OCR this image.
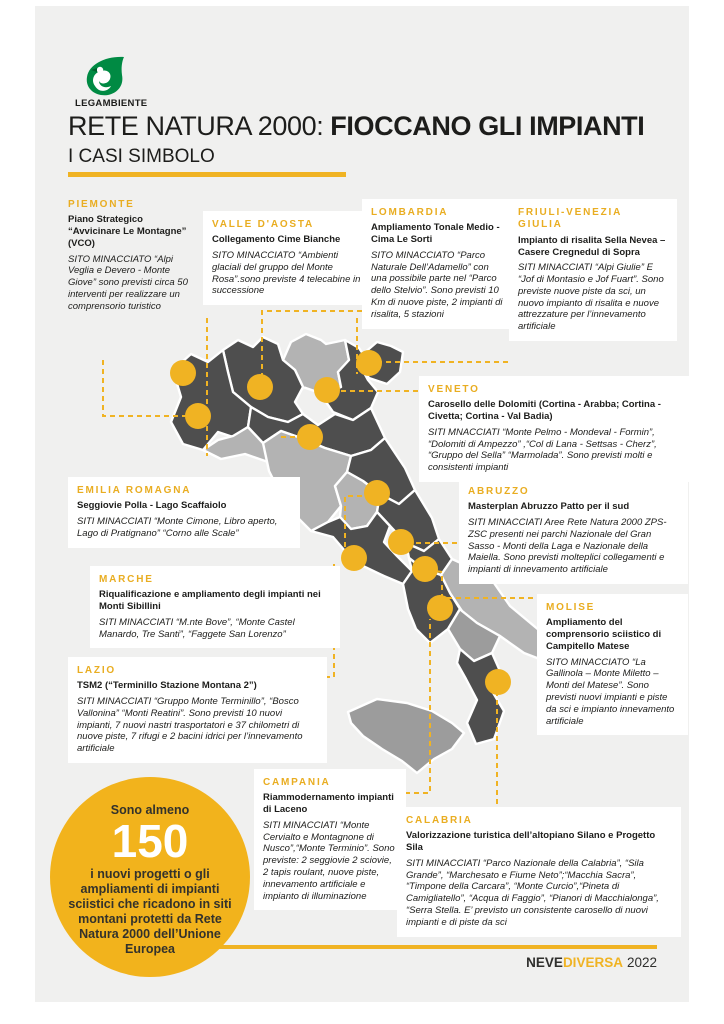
LEGAMBIENTE
RETE NATURA 2000: FIOCCANO GLI IMPIANTI
I CASI SIMBOLO
PIEMONTE
Piano Strategico “Avvicinare Le Montagne” (VCO)
SITO MINACCIATO “Alpi Veglia e Devero - Monte Giove” sono previsti circa 50 interventi per realizzare un comprensorio turistico
VALLE D'AOSTA
Collegamento Cime Bianche
SITO MINACCIATO “Ambienti glaciali del gruppo del Monte Rosa”.sono previste 4 telecabine in successione
LOMBARDIA
Ampliamento Tonale Medio - Cima Le Sorti
SITO MINACCIATO “Parco Naturale Dell’Adamello” con una possibile parte nel “Parco dello Stelvio”. Sono previsti 10 Km di nuove piste, 2 impianti di risalita, 5 stazioni
FRIULI-VENEZIA GIULIA
Impianto di risalita Sella Nevea – Casere Cregnedul di Sopra
SITI MINACCIATI “Alpi Giulie” E “Jof di Montasio e Jof Fuart”. Sono previste nuove piste da sci, un nuovo impianto di risalita e nuove attrezzature per l’innevamento artificiale
VENETO
Carosello delle Dolomiti (Cortina - Arabba; Cortina - Civetta; Cortina - Val Badia)
SITI MNACCIATI “Monte Pelmo - Mondeval - Formin”, “Dolomiti di Ampezzo” ,“Col di Lana - Settsas - Cherz”, “Gruppo del Sella” “Marmolada”. Sono previsti molti e consistenti impianti
EMILIA ROMAGNA
Seggiovie Polla - Lago Scaffaiolo
SITI MINACCIATI “Monte Cimone, Libro aperto, Lago di Pratignano” “Corno alle Scale”
ABRUZZO
Masterplan Abruzzo Patto per il sud
SITI MINACCIATI Aree Rete Natura 2000 ZPS-ZSC presenti nei parchi Nazionale del Gran Sasso - Monti della Laga e Nazionale della Maiella. Sono previsti molteplici collegamenti e impianti di innevamento artificiale
MARCHE
Riqualificazione e ampliamento degli impianti nei Monti Sibillini
SITI MINACCIATI “M.nte Bove”, “Monte Castel Manardo, Tre Santi”, “Faggete San Lorenzo”
MOLISE
Ampliamento del comprensorio sciistico di Campitello Matese
SITO MINACCIATO “La Gallinola – Monte Miletto – Monti del Matese”. Sono previsti nuovi impianti e piste da sci e impianto innevamento artificiale
LAZIO
TSM2 (“Terminillo Stazione Montana 2”)
SITI MINACCIATI “Gruppo Monte Terminillo”, “Bosco Vallonina” “Monti Reatini”. Sono previsti 10 nuovi impianti, 7 nuovi nastri trasportatori e 37 chilometri di nuove piste, 7 rifugi e 2 bacini idrici per l’innevamento artificiale
CAMPANIA
Riammodernamento impianti di Laceno
SITI MINACCIATI “Monte Cervialto e Montagnone di Nusco”,“Monte Terminio”. Sono previste: 2 seggiovie 2 sciovie, 2 tapis roulant, nuove piste, innevamento artificiale e impianto di illuminazione
CALABRIA
Valorizzazione turistica dell’altopiano Silano e Progetto Sila
SITI MINACCIATI “Parco Nazionale della Calabria”, “Sila Grande”, “Marchesato e Fiume Neto”;“Macchia Sacra”, “Timpone della Carcara”, “Monte Curcio”,“Pineta di Camigliatello”, “Acqua di Faggio”, “Pianori di Macchialonga”, “Serra Stella. E’ previsto un consistente carosello di nuovi impianti e di piste da sci
Sono almeno
150
i nuovi progetti o gli ampliamenti di impianti sciistici che ricadono in siti montani protetti da Rete Natura 2000 dell’Unione Europea
NEVEDIVERSA 2022
